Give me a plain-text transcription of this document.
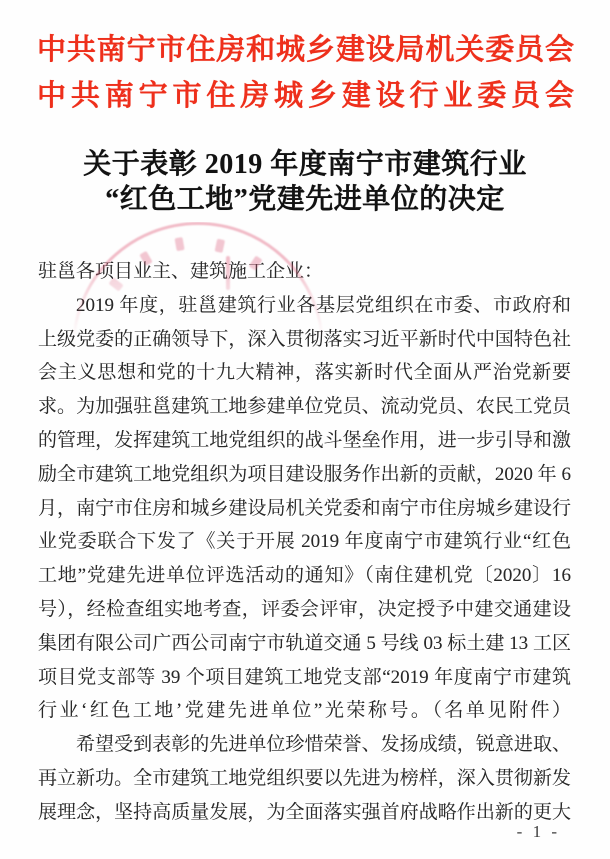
中共南宁市住房和城乡建设局机关委员会
中共南宁市住房城乡建设行业委员会
关于表彰 2019 年度南宁市建筑行业
“红色工地”党建先进单位的决定
驻邕各项目业主、建筑施工企业：
2019 年度，驻邕建筑行业各基层党组织在市委、市政府和
上级党委的正确领导下，深入贯彻落实习近平新时代中国特色社
会主义思想和党的十九大精神，落实新时代全面从严治党新要
求。为加强驻邕建筑工地参建单位党员、流动党员、农民工党员
的管理，发挥建筑工地党组织的战斗堡垒作用，进一步引导和激
励全市建筑工地党组织为项目建设服务作出新的贡献，2020 年 6
月，南宁市住房和城乡建设局机关党委和南宁市住房城乡建设行
业党委联合下发了《关于开展 2019 年度南宁市建筑行业“红色
工地”党建先进单位评选活动的通知》（南住建机党〔2020〕16
号），经检查组实地考查，评委会评审，决定授予中建交通建设
集团有限公司广西公司南宁市轨道交通 5 号线 03 标土建 13 工区
项目党支部等 39 个项目建筑工地党支部“2019 年度南宁市建筑
行业‘红色工地’党建先进单位”光荣称号。（名单见附件）
希望受到表彰的先进单位珍惜荣誉、发扬成绩，锐意进取、
再立新功。全市建筑工地党组织要以先进为榜样，深入贯彻新发
展理念，坚持高质量发展，为全面落实强首府战略作出新的更大
- 1 -
